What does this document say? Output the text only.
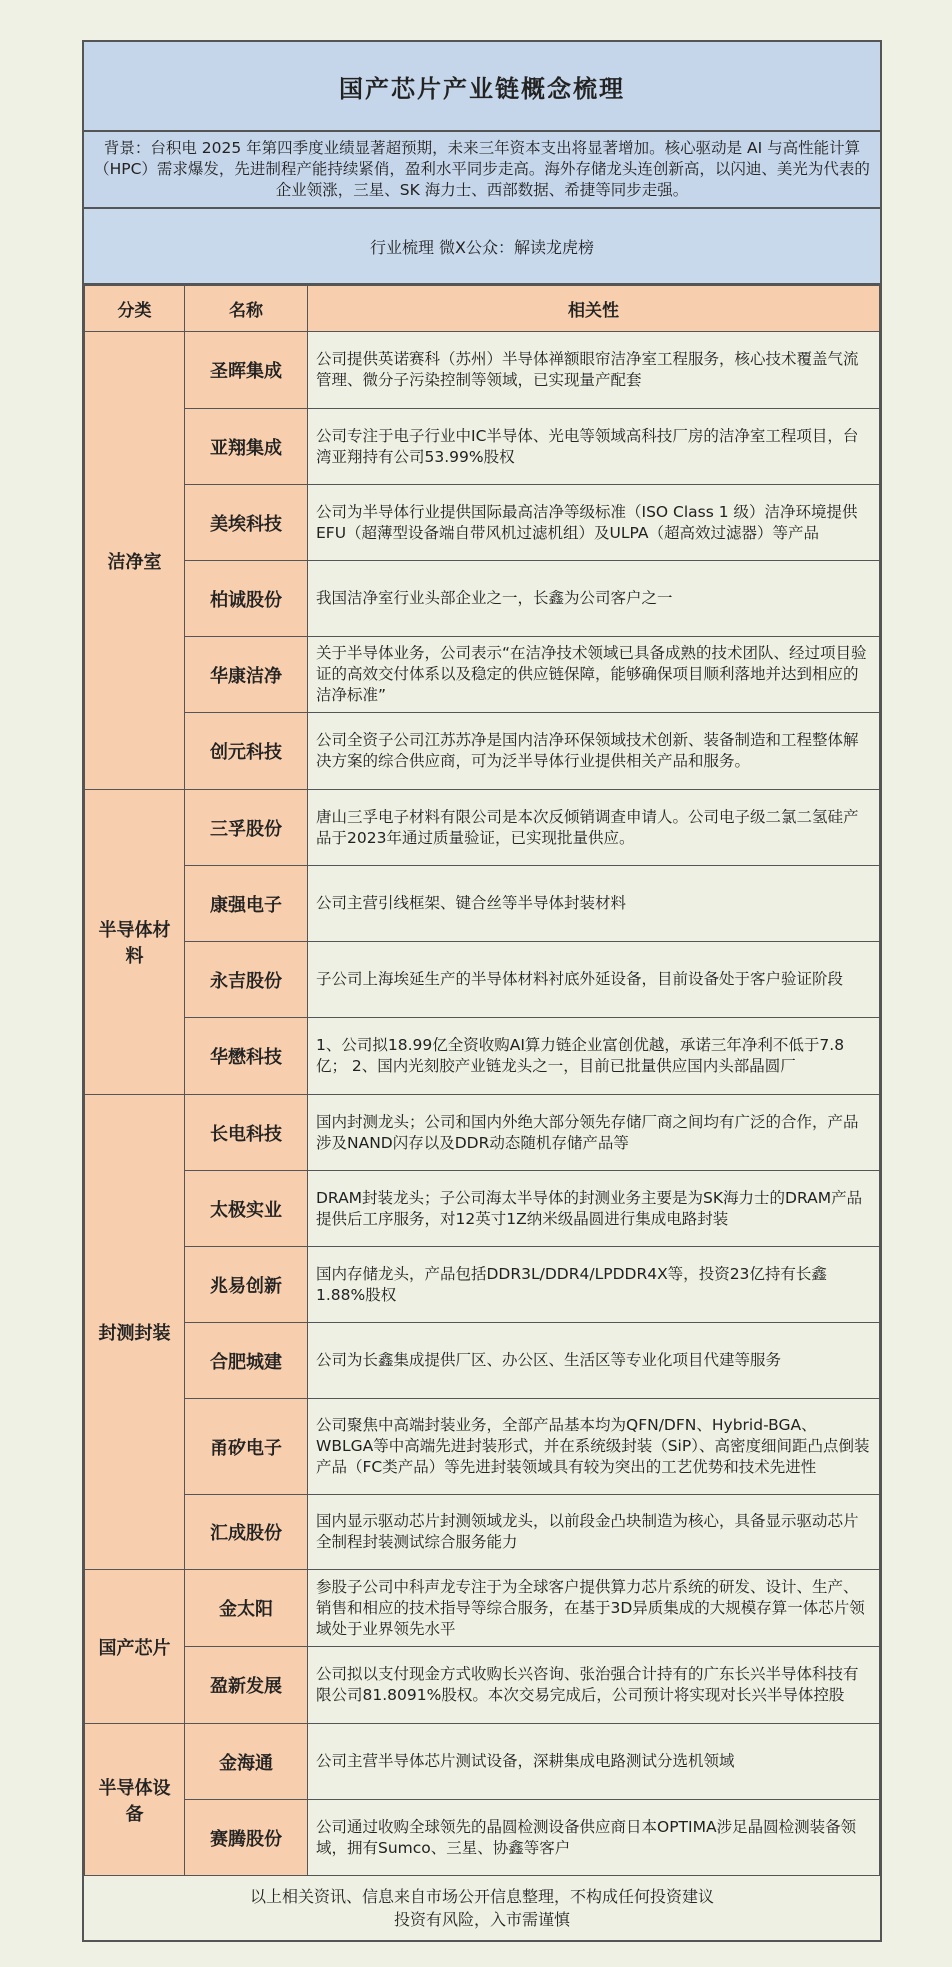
国产芯片产业链概念梳理
背景：台积电 2025 年第四季度业绩显著超预期，未来三年资本支出将显著增加。核心驱动是 AI 与高性能计算（HPC）需求爆发，先进制程产能持续紧俏，盈利水平同步走高。海外存储龙头连创新高，以闪迪、美光为代表的企业领涨，三星、SK 海力士、西部数据、希捷等同步走强。
行业梳理 微X公众：解读龙虎榜
分类	名称	相关性
洁净室	圣晖集成	公司提供英诺赛科（苏州）半导体禅额眼帘洁净室工程服务，核心技术覆盖气流管理、微分子污染控制等领域，已实现量产配套
	亚翔集成	公司专注于电子行业中IC半导体、光电等领域高科技厂房的洁净室工程项目，台湾亚翔持有公司53.99%股权
	美埃科技	公司为半导体行业提供国际最高洁净等级标准（ISO Class 1 级）洁净环境提供EFU（超薄型设备端自带风机过滤机组）及ULPA（超高效过滤器）等产品
	柏诚股份	我国洁净室行业头部企业之一，长鑫为公司客户之一
	华康洁净	关于半导体业务，公司表示“在洁净技术领域已具备成熟的技术团队、经过项目验证的高效交付体系以及稳定的供应链保障，能够确保项目顺利落地并达到相应的洁净标准”
	创元科技	公司全资子公司江苏苏净是国内洁净环保领域技术创新、装备制造和工程整体解决方案的综合供应商，可为泛半导体行业提供相关产品和服务。
半导体材料	三孚股份	唐山三孚电子材料有限公司是本次反倾销调查申请人。公司电子级二氯二氢硅产品于2023年通过质量验证，已实现批量供应。
	康强电子	公司主营引线框架、键合丝等半导体封装材料
	永吉股份	子公司上海埃延生产的半导体材料衬底外延设备，目前设备处于客户验证阶段
	华懋科技	1、公司拟18.99亿全资收购AI算力链企业富创优越，承诺三年净利不低于7.8亿； 2、国内光刻胶产业链龙头之一，目前已批量供应国内头部晶圆厂
封测封装	长电科技	国内封测龙头；公司和国内外绝大部分领先存储厂商之间均有广泛的合作，产品涉及NAND闪存以及DDR动态随机存储产品等
	太极实业	DRAM封装龙头；子公司海太半导体的封测业务主要是为SK海力士的DRAM产品提供后工序服务，对12英寸1Z纳米级晶圆进行集成电路封装
	兆易创新	国内存储龙头，产品包括DDR3L/DDR4/LPDDR4X等，投资23亿持有长鑫1.88%股权
	合肥城建	公司为长鑫集成提供厂区、办公区、生活区等专业化项目代建等服务
	甬矽电子	公司聚焦中高端封装业务，全部产品基本均为QFN/DFN、Hybrid-BGA、WBLGA等中高端先进封装形式，并在系统级封装（SiP）、高密度细间距凸点倒装产品（FC类产品）等先进封装领域具有较为突出的工艺优势和技术先进性
	汇成股份	国内显示驱动芯片封测领域龙头，以前段金凸块制造为核心，具备显示驱动芯片全制程封装测试综合服务能力
国产芯片	金太阳	参股子公司中科声龙专注于为全球客户提供算力芯片系统的研发、设计、生产、销售和相应的技术指导等综合服务，在基于3D异质集成的大规模存算一体芯片领域处于业界领先水平
	盈新发展	公司拟以支付现金方式收购长兴咨询、张治强合计持有的广东长兴半导体科技有限公司81.8091%股权。本次交易完成后，公司预计将实现对长兴半导体控股
半导体设备	金海通	公司主营半导体芯片测试设备，深耕集成电路测试分选机领域
	赛腾股份	公司通过收购全球领先的晶圆检测设备供应商日本OPTIMA涉足晶圆检测装备领域，拥有Sumco、三星、协鑫等客户
以上相关资讯、信息来自市场公开信息整理，不构成任何投资建议
投资有风险，入市需谨慎
